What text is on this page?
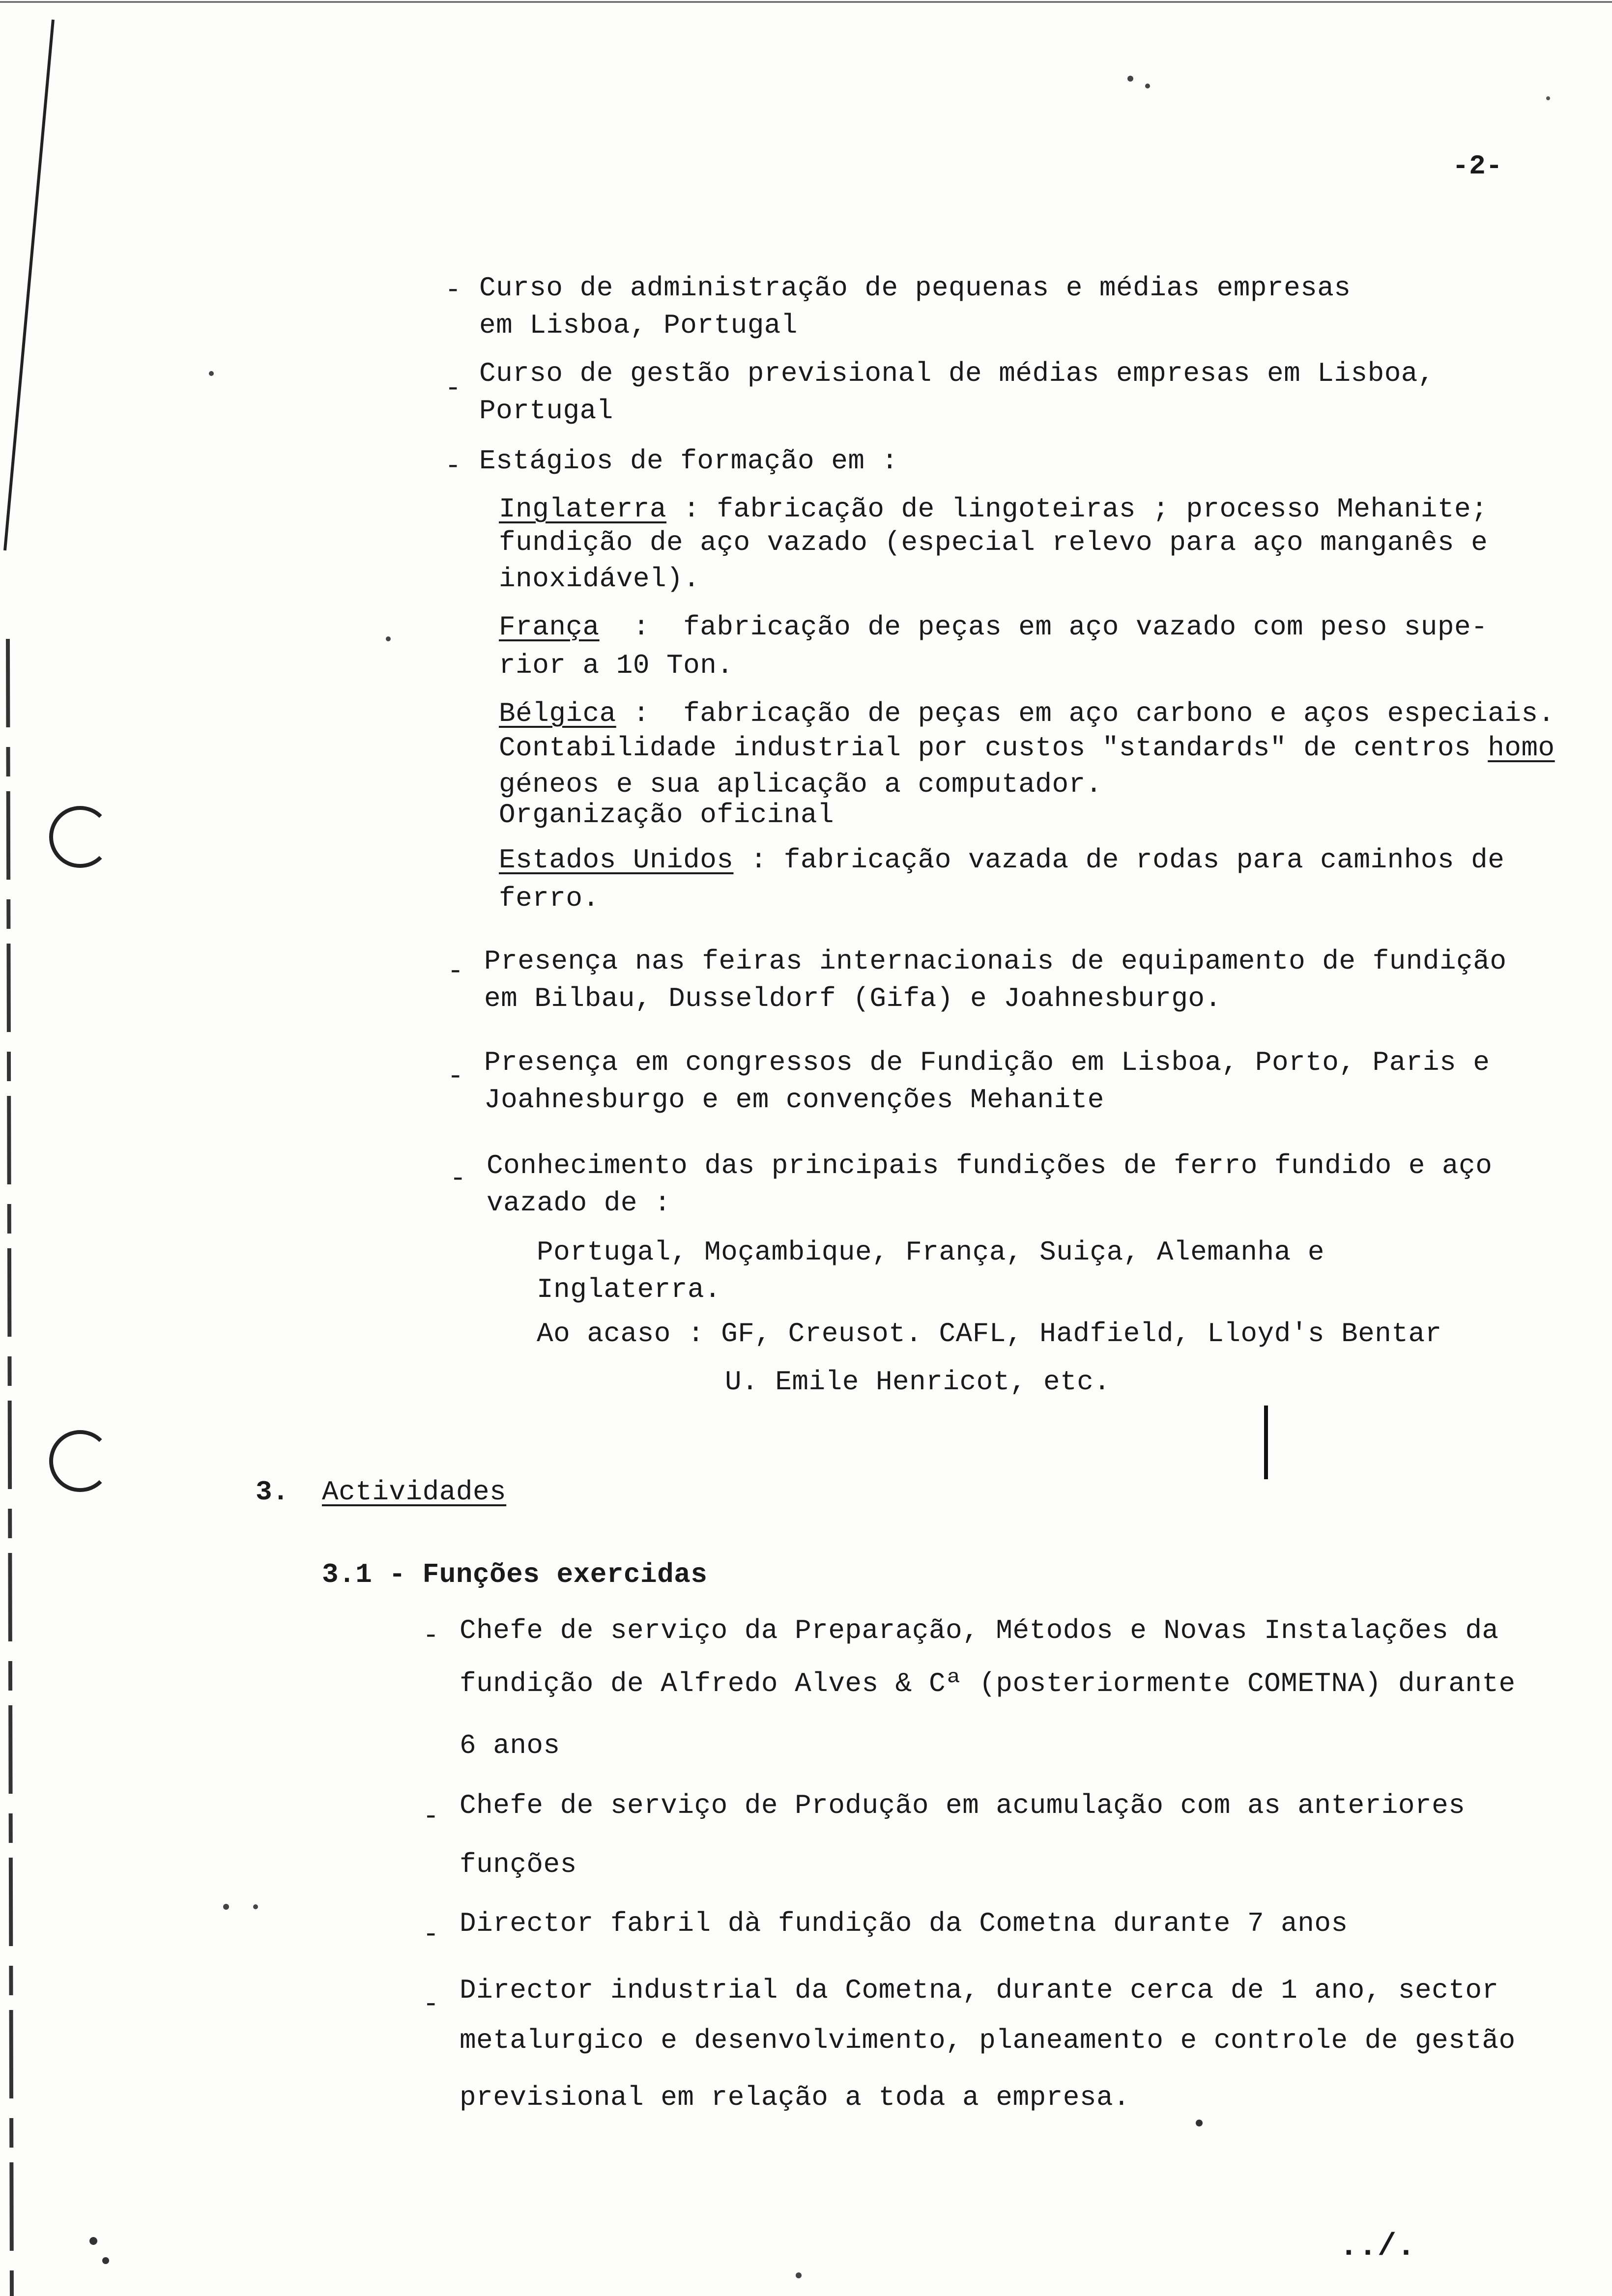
-2-
- Curso de administração de pequenas e médias empresas
em Lisboa, Portugal
- Curso de gestão previsional de médias empresas em Lisboa,
Portugal
- Estágios de formação em :
Inglaterra : fabricação de lingoteiras ; processo Mehanite;
fundição de aço vazado (especial relevo para aço manganês e
inoxidável).
França  :  fabricação de peças em aço vazado com peso supe-
rior a 10 Ton.
Bélgica :  fabricação de peças em aço carbono e aços especiais.
Contabilidade industrial por custos "standards" de centros homo
géneos e sua aplicação a computador.
Organização oficinal
Estados Unidos : fabricação vazada de rodas para caminhos de
ferro.
- Presença nas feiras internacionais de equipamento de fundição
em Bilbau, Dusseldorf (Gifa) e Joahnesburgo.
- Presença em congressos de Fundição em Lisboa, Porto, Paris e
Joahnesburgo e em convenções Mehanite
- Conhecimento das principais fundições de ferro fundido e aço
vazado de :
Portugal, Moçambique, França, Suiça, Alemanha e
Inglaterra.
Ao acaso : GF, Creusot. CAFL, Hadfield, Lloyd's Bentar
U. Emile Henricot, etc.
3. Actividades
3.1 - Funções exercidas
- Chefe de serviço da Preparação, Métodos e Novas Instalações da
fundição de Alfredo Alves & Cª (posteriormente COMETNA) durante
6 anos
- Chefe de serviço de Produção em acumulação com as anteriores
funções
- Director fabril dà fundição da Cometna durante 7 anos
- Director industrial da Cometna, durante cerca de 1 ano, sector
metalurgico e desenvolvimento, planeamento e controle de gestão
previsional em relação a toda a empresa.
../.
